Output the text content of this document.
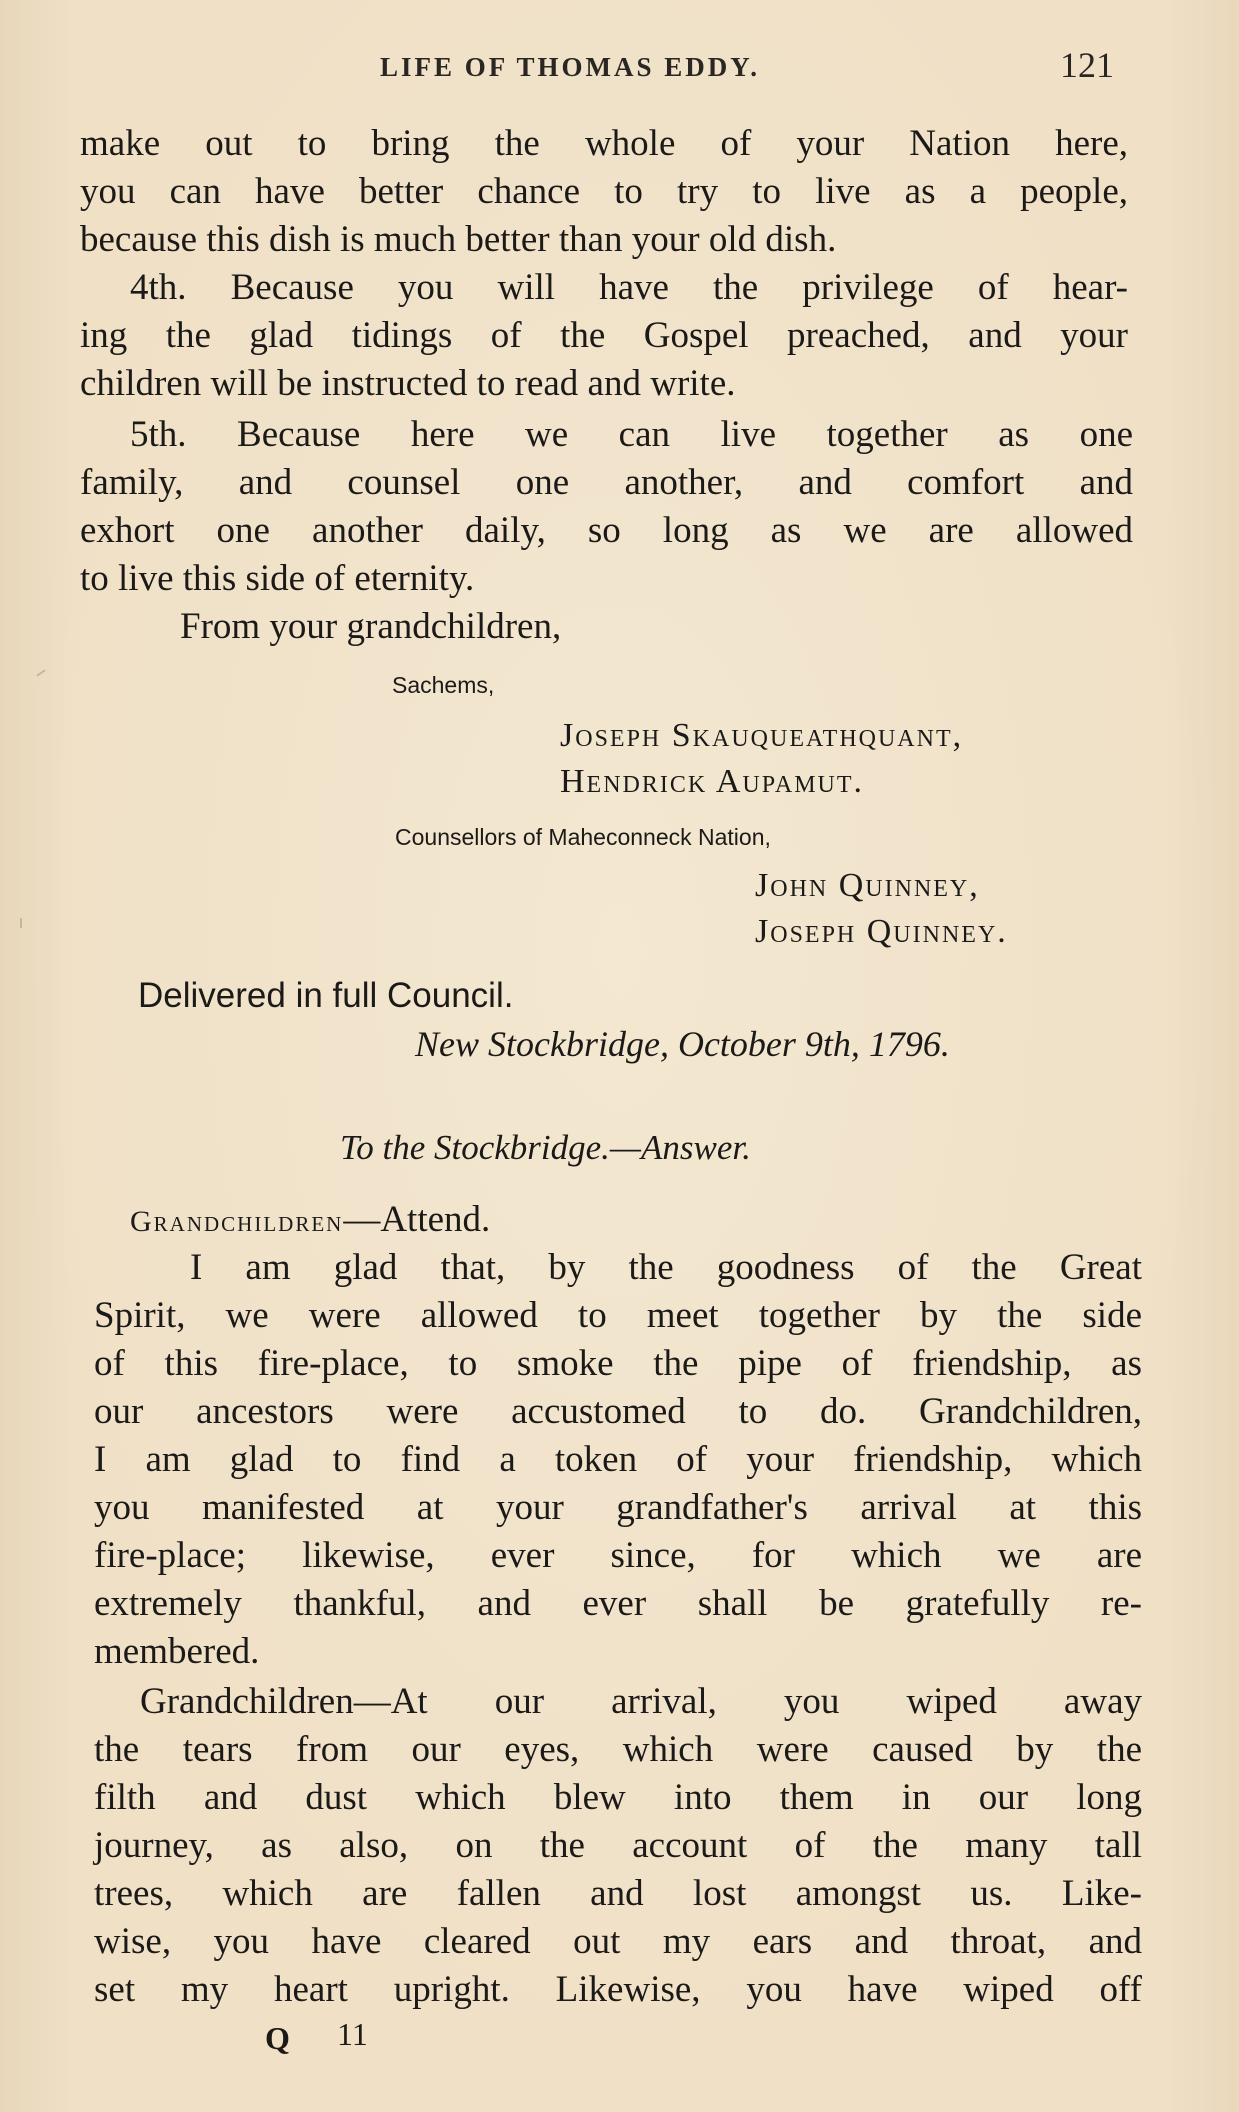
LIFE OF THOMAS EDDY.	121
make out to bring the whole of your Nation here,
you can have better chance to try to live as a people,
because this dish is much better than your old dish.
4th. Because you will have the privilege of hear-
ing the glad tidings of the Gospel preached, and your
children will be instructed to read and write.
5th. Because here we can live together as one
family, and counsel one another, and comfort and
exhort one another daily, so long as we are allowed
to live this side of eternity.
From your grandchildren,
Sachems,
Joseph Skauqueathquant,
Hendrick Aupamut.
Counsellors of Maheconneck Nation,
John Quinney,
Joseph Quinney.
Delivered in full Council.
New Stockbridge, October 9th, 1796.
To the Stockbridge.—Answer.
Grandchildren—Attend.
I am glad that, by the goodness of the Great
Spirit, we were allowed to meet together by the side
of this fire-place, to smoke the pipe of friendship, as
our ancestors were accustomed to do. Grandchildren,
I am glad to find a token of your friendship, which
you manifested at your grandfather's arrival at this
fire-place; likewise, ever since, for which we are
extremely thankful, and ever shall be gratefully re-
membered.
Grandchildren—At our arrival, you wiped away
the tears from our eyes, which were caused by the
filth and dust which blew into them in our long
journey, as also, on the account of the many tall
trees, which are fallen and lost amongst us. Like-
wise, you have cleared out my ears and throat, and
set my heart upright. Likewise, you have wiped off
Q 11
